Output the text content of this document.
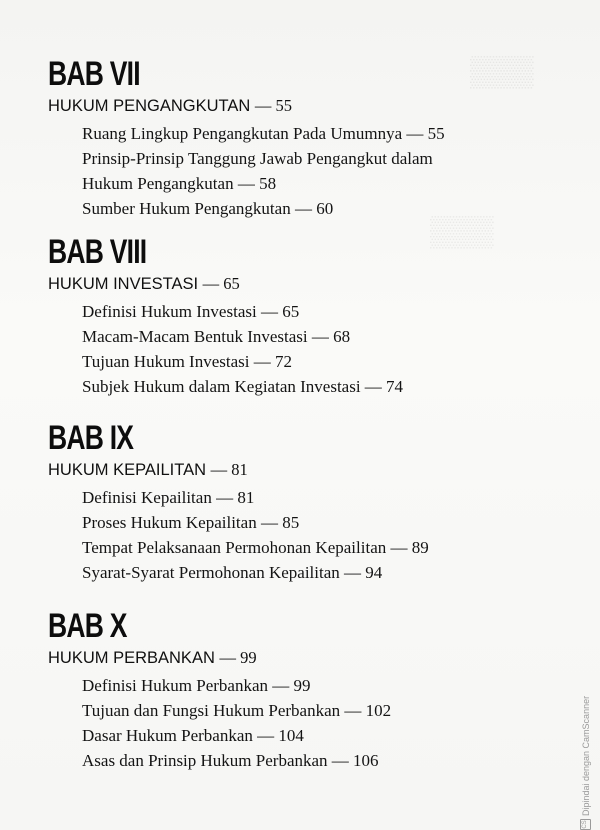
▒▒▒
▒▒▒
BAB VII
HUKUM PENGANGKUTAN — 55
Ruang Lingkup Pengangkutan Pada Umumnya — 55
Prinsip-Prinsip Tanggung Jawab Pengangkut dalam
Hukum Pengangkutan — 58
Sumber Hukum Pengangkutan — 60
BAB VIII
HUKUM INVESTASI — 65
Definisi Hukum Investasi — 65
Macam-Macam Bentuk Investasi — 68
Tujuan Hukum Investasi — 72
Subjek Hukum dalam Kegiatan Investasi — 74
BAB IX
HUKUM KEPAILITAN — 81
Definisi Kepailitan — 81
Proses Hukum Kepailitan — 85
Tempat Pelaksanaan Permohonan Kepailitan — 89
Syarat-Syarat Permohonan Kepailitan — 94
BAB X
HUKUM PERBANKAN — 99
Definisi Hukum Perbankan — 99
Tujuan dan Fungsi Hukum Perbankan — 102
Dasar Hukum Perbankan — 104
Asas dan Prinsip Hukum Perbankan — 106
CS
Dipindai dengan CamScanner
